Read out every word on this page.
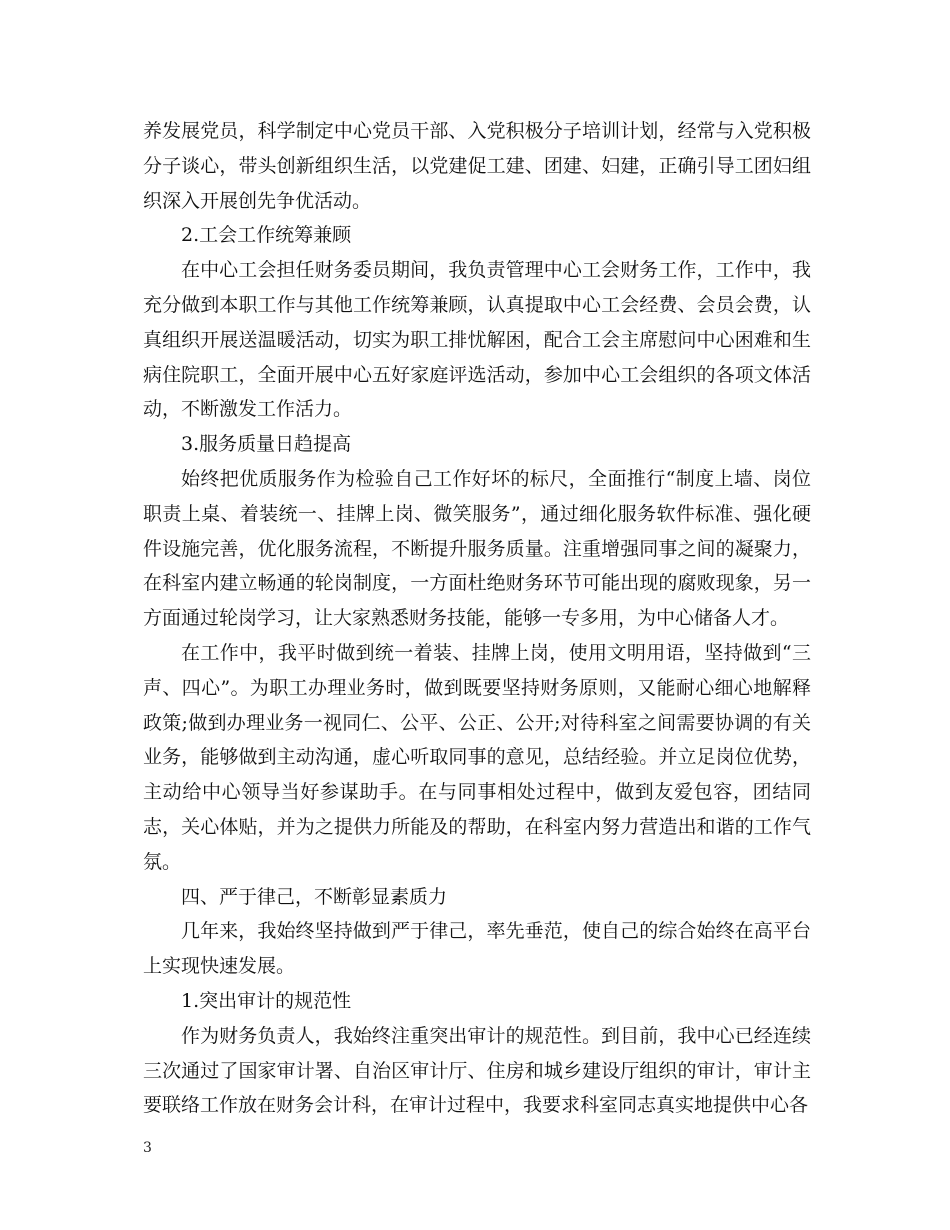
养发展党员，科学制定中心党员干部、入党积极分子培训计划，经常与入党积极分子谈心，带头创新组织生活，以党建促工建、团建、妇建，正确引导工团妇组织深入开展创先争优活动。

2.工会工作统筹兼顾

在中心工会担任财务委员期间，我负责管理中心工会财务工作，工作中，我充分做到本职工作与其他工作统筹兼顾，认真提取中心工会经费、会员会费，认真组织开展送温暖活动，切实为职工排忧解困，配合工会主席慰问中心困难和生病住院职工，全面开展中心五好家庭评选活动，参加中心工会组织的各项文体活动，不断激发工作活力。

3.服务质量日趋提高

始终把优质服务作为检验自己工作好坏的标尺，全面推行“制度上墙、岗位职责上桌、着装统一、挂牌上岗、微笑服务”，通过细化服务软件标准、强化硬件设施完善，优化服务流程，不断提升服务质量。注重增强同事之间的凝聚力，在科室内建立畅通的轮岗制度，一方面杜绝财务环节可能出现的腐败现象，另一方面通过轮岗学习，让大家熟悉财务技能，能够一专多用，为中心储备人才。

在工作中，我平时做到统一着装、挂牌上岗，使用文明用语，坚持做到“三声、四心”。为职工办理业务时，做到既要坚持财务原则，又能耐心细心地解释政策;做到办理业务一视同仁、公平、公正、公开;对待科室之间需要协调的有关业务，能够做到主动沟通，虚心听取同事的意见，总结经验。并立足岗位优势，主动给中心领导当好参谋助手。在与同事相处过程中，做到友爱包容，团结同志，关心体贴，并为之提供力所能及的帮助，在科室内努力营造出和谐的工作气氛。

四、严于律己，不断彰显素质力

几年来，我始终坚持做到严于律己，率先垂范，使自己的综合始终在高平台上实现快速发展。

1.突出审计的规范性

作为财务负责人，我始终注重突出审计的规范性。到目前，我中心已经连续三次通过了国家审计署、自治区审计厅、住房和城乡建设厅组织的审计，审计主要联络工作放在财务会计科，在审计过程中，我要求科室同志真实地提供中心各

3
